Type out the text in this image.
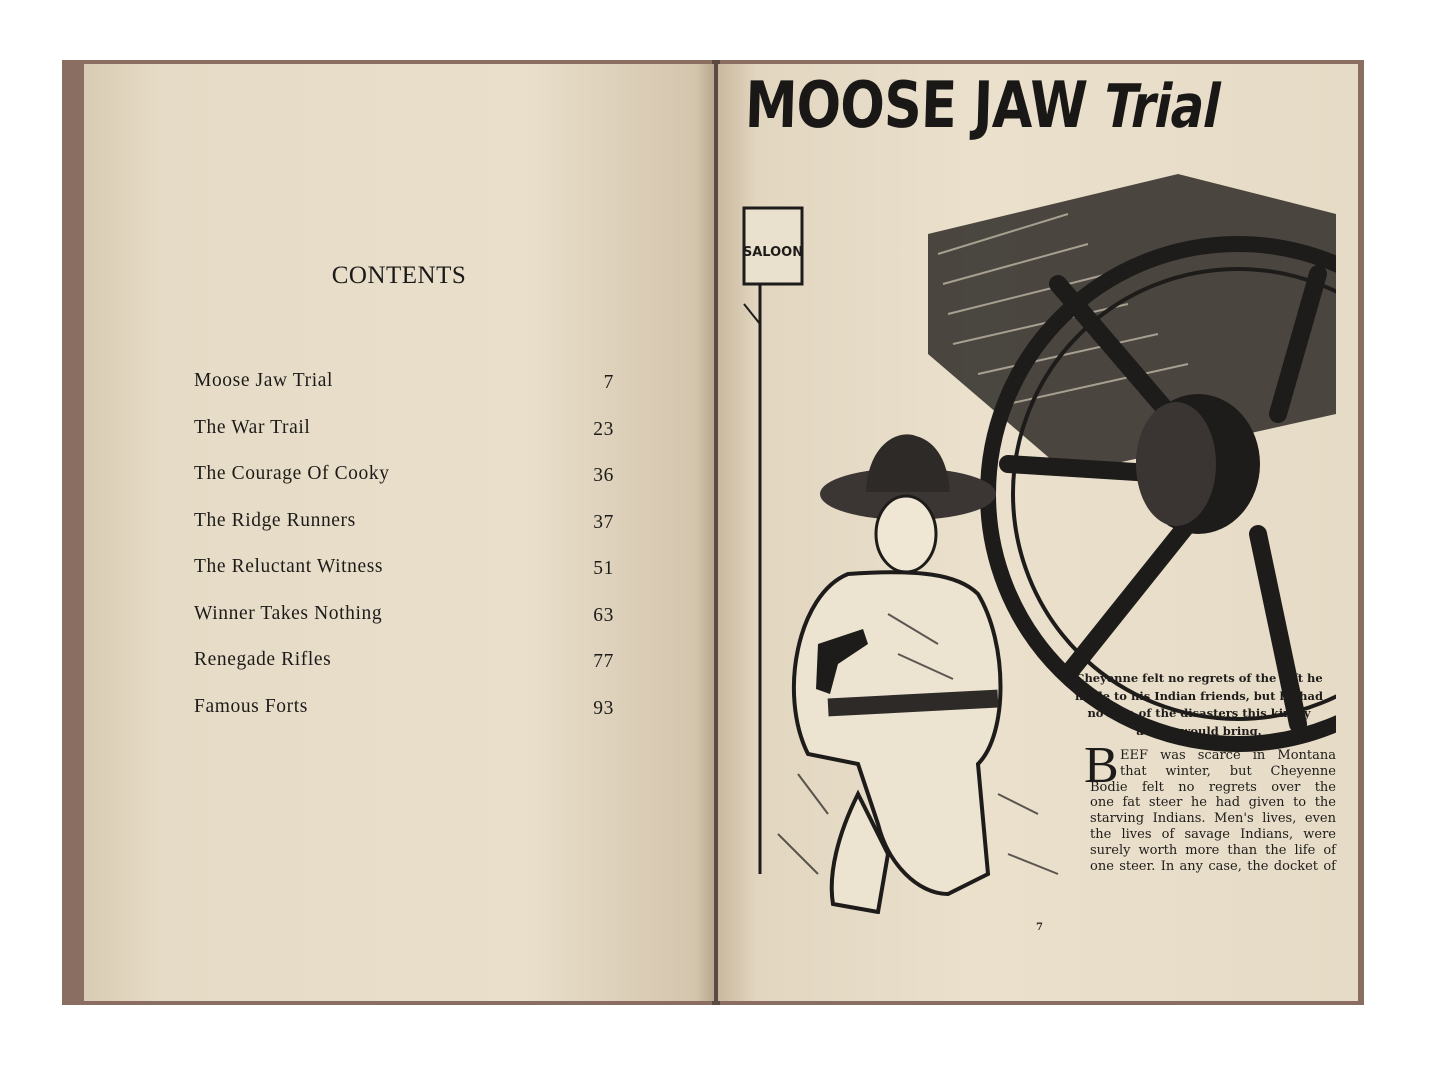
CONTENTS
Moose Jaw Trial	7
The War Trail	23
The Courage Of Cooky	36
The Ridge Runners	37
The Reluctant Witness	51
Winner Takes Nothing	63
Renegade Rifles	77
Famous Forts	93
MOOSE JAW Trial
SALOON
Cheyenne felt no regrets of the gift he
made to his Indian friends, but he had
no idea of the disasters this kindly
action would bring.
B EEF was scarce in Montana
that winter, but Cheyenne
Bodie felt no regrets over the
one fat steer he had given to the
starving Indians. Men's lives, even
the lives of savage Indians, were
surely worth more than the life of
one steer. In any case, the docket of
7
